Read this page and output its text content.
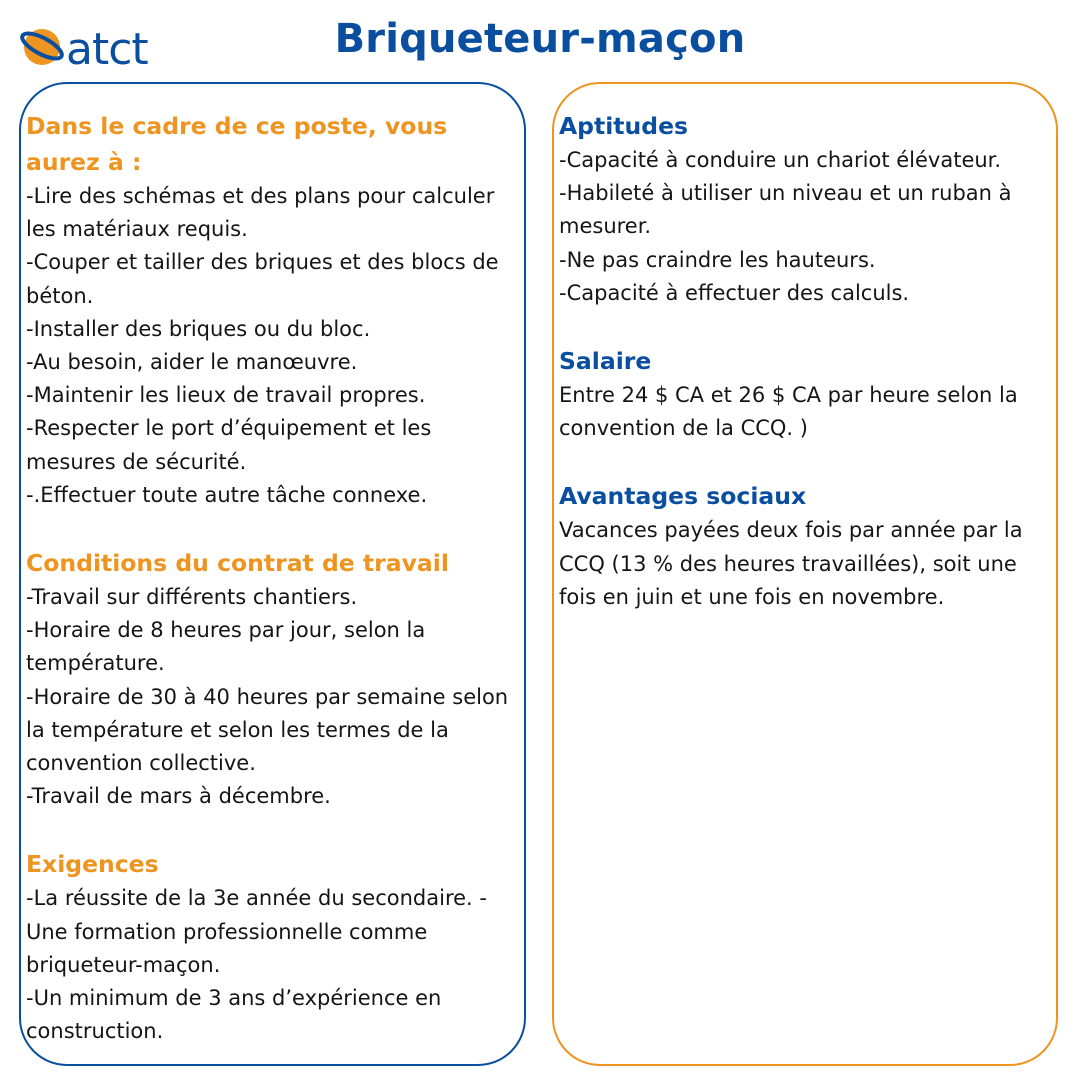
atct	Briqueteur-maçon

Dans le cadre de ce poste, vous aurez à :

-Lire des schémas et des plans pour calculer les matériaux requis.

-Couper et tailler des briques et des blocs de béton.

-Installer des briques ou du bloc.

-Au besoin, aider le manœuvre.

-Maintenir les lieux de travail propres.

-Respecter le port d’équipement et les mesures de sécurité.

-.Effectuer toute autre tâche connexe.

Conditions du contrat de travail

-Travail sur différents chantiers.

-Horaire de 8 heures par jour, selon la température.

-Horaire de 30 à 40 heures par semaine selon la température et selon les termes de la convention collective.

-Travail de mars à décembre.

Exigences

-La réussite de la 3e année du secondaire. -Une formation professionnelle comme briqueteur-maçon.

-Un minimum de 3 ans d’expérience en construction.

Aptitudes

-Capacité à conduire un chariot élévateur.

-Habileté à utiliser un niveau et un ruban à mesurer.

-Ne pas craindre les hauteurs.

-Capacité à effectuer des calculs.

Salaire

Entre 24 $ CA et 26 $ CA par heure selon la convention de la CCQ. )

Avantages sociaux

Vacances payées deux fois par année par la CCQ (13 % des heures travaillées), soit une fois en juin et une fois en novembre.
